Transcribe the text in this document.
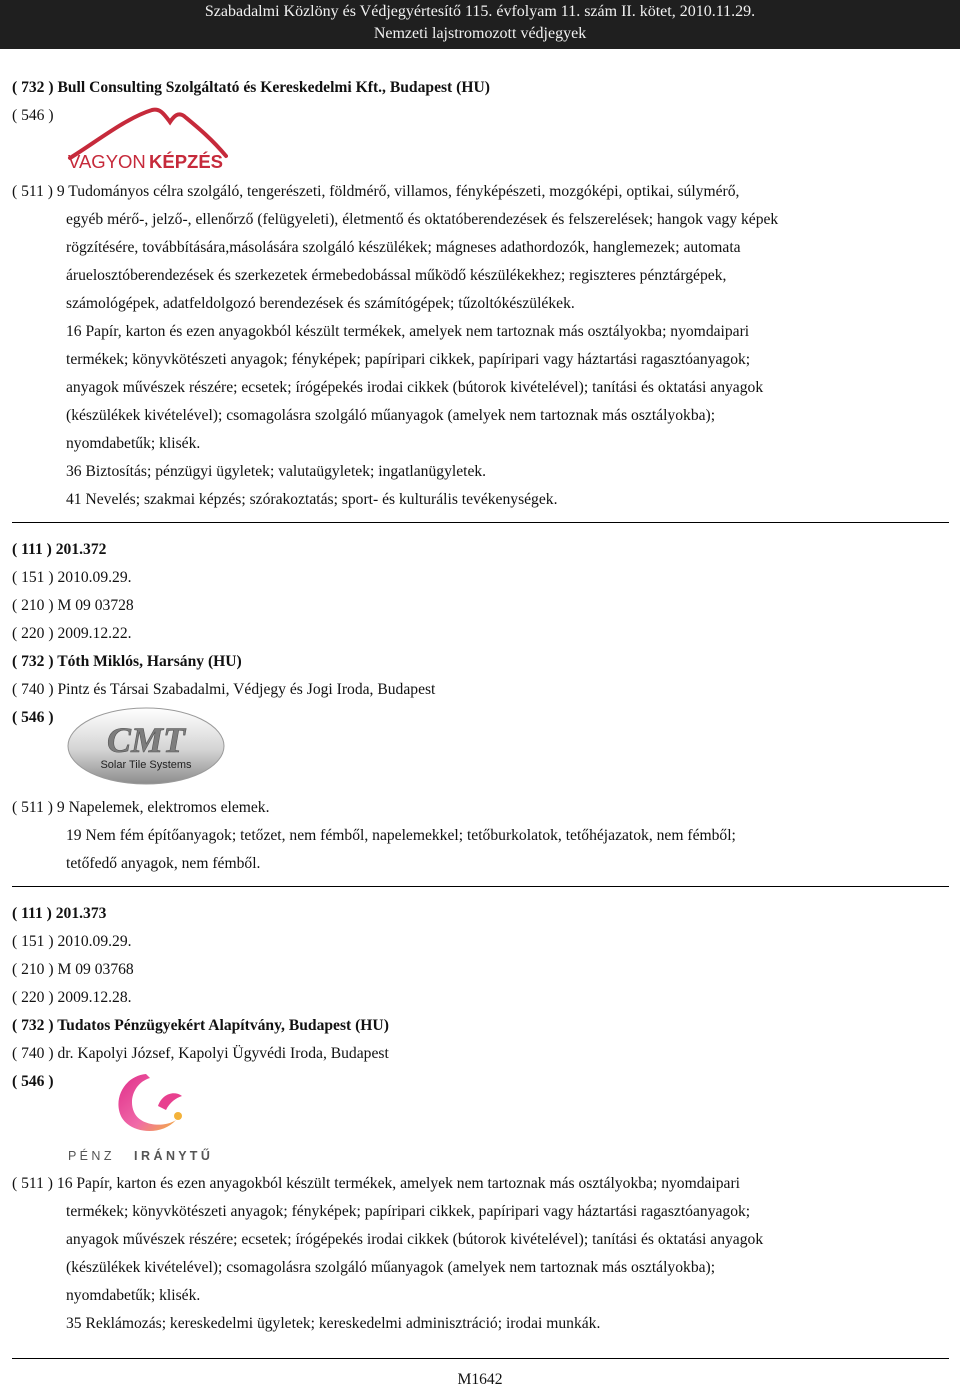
Szabadalmi Közlöny és Védjegyértesítő 115. évfolyam 11. szám II. kötet, 2010.11.29.
Nemzeti lajstromozott védjegyek
( 732 ) Bull Consulting Szolgáltató és Kereskedelmi Kft., Budapest (HU)
( 546 )
VAGYON KÉPZÉS
( 511 ) 9 Tudományos célra szolgáló, tengerészeti, földmérő, villamos, fényképészeti, mozgóképi, optikai, súlymérő,
egyéb mérő-, jelző-, ellenőrző (felügyeleti), életmentő és oktatóberendezések és felszerelések; hangok vagy képek
rögzítésére, továbbítására,másolására szolgáló készülékek; mágneses adathordozók, hanglemezek; automata
áruelosztóberendezések és szerkezetek érmebedobással működő készülékekhez; regiszteres pénztárgépek,
számológépek, adatfeldolgozó berendezések és számítógépek; tűzoltókészülékek.
16 Papír, karton és ezen anyagokból készült termékek, amelyek nem tartoznak más osztályokba; nyomdaipari
termékek; könyvkötészeti anyagok; fényképek; papíripari cikkek, papíripari vagy háztartási ragasztóanyagok;
anyagok művészek részére; ecsetek; írógépekés irodai cikkek (bútorok kivételével); tanítási és oktatási anyagok
(készülékek kivételével); csomagolásra szolgáló műanyagok (amelyek nem tartoznak más osztályokba);
nyomdabetűk; klisék.
36 Biztosítás; pénzügyi ügyletek; valutaügyletek; ingatlanügyletek.
41 Nevelés; szakmai képzés; szórakoztatás; sport- és kulturális tevékenységek.
( 111 ) 201.372
( 151 ) 2010.09.29.
( 210 ) M 09 03728
( 220 ) 2009.12.22.
( 732 ) Tóth Miklós, Harsány (HU)
( 740 ) Pintz és Társai Szabadalmi, Védjegy és Jogi Iroda, Budapest
( 546 )
CMT
Solar Tile Systems
( 511 ) 9 Napelemek, elektromos elemek.
19 Nem fém építőanyagok; tetőzet, nem fémből, napelemekkel; tetőburkolatok, tetőhéjazatok, nem fémből;
tetőfedő anyagok, nem fémből.
( 111 ) 201.373
( 151 ) 2010.09.29.
( 210 ) M 09 03768
( 220 ) 2009.12.28.
( 732 ) Tudatos Pénzügyekért Alapítvány, Budapest (HU)
( 740 ) dr. Kapolyi József, Kapolyi Ügyvédi Iroda, Budapest
( 546 )
P É N Z I R Á N Y T Ű
( 511 ) 16 Papír, karton és ezen anyagokból készült termékek, amelyek nem tartoznak más osztályokba; nyomdaipari
termékek; könyvkötészeti anyagok; fényképek; papíripari cikkek, papíripari vagy háztartási ragasztóanyagok;
anyagok művészek részére; ecsetek; írógépekés irodai cikkek (bútorok kivételével); tanítási és oktatási anyagok
(készülékek kivételével); csomagolásra szolgáló műanyagok (amelyek nem tartoznak más osztályokba);
nyomdabetűk; klisék.
35 Reklámozás; kereskedelmi ügyletek; kereskedelmi adminisztráció; irodai munkák.
M1642
